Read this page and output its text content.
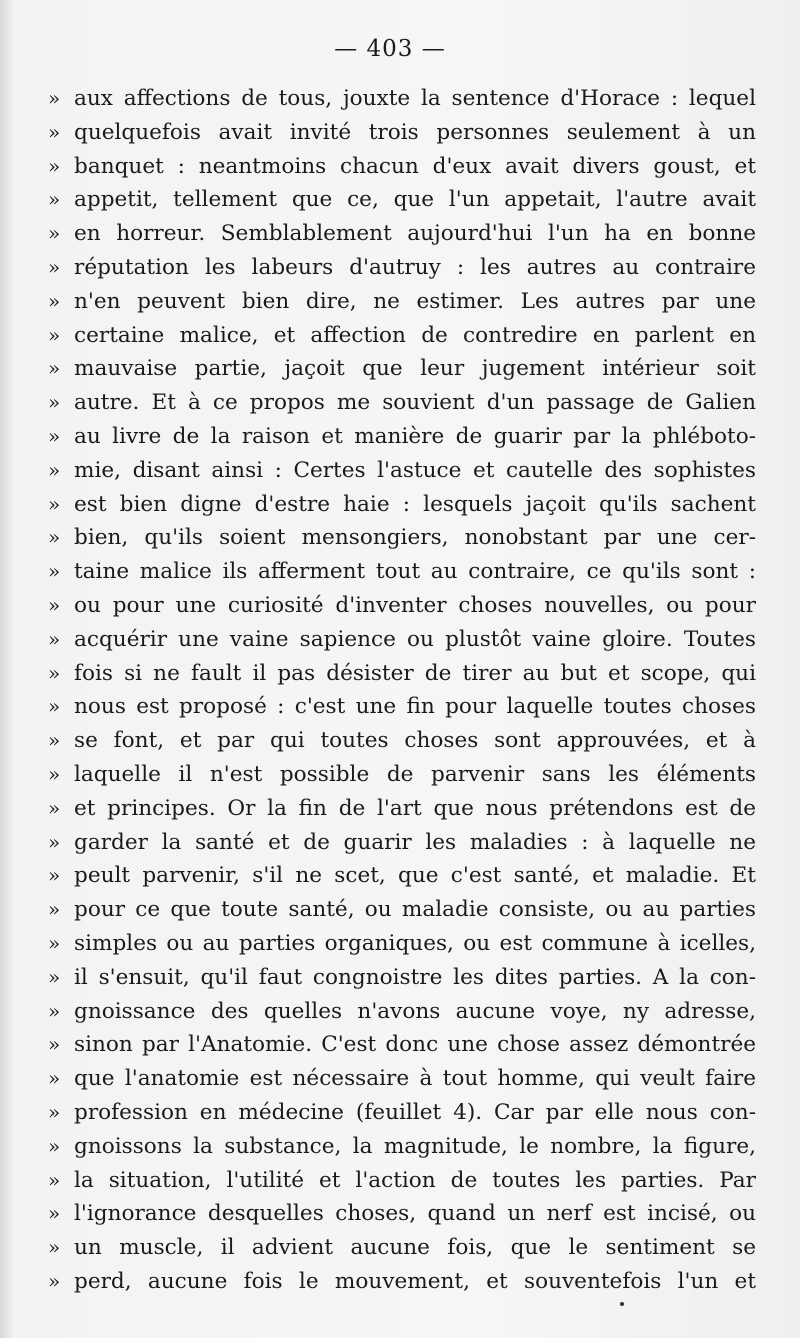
— 403 —
» aux affections de tous, jouxte la sentence d'Horace : lequel
» quelquefois avait invité trois personnes seulement à un
» banquet : neantmoins chacun d'eux avait divers goust, et
» appetit, tellement que ce, que l'un appetait, l'autre avait
» en horreur. Semblablement aujourd'hui l'un ha en bonne
» réputation les labeurs d'autruy : les autres au contraire
» n'en peuvent bien dire, ne estimer. Les autres par une
» certaine malice, et affection de contredire en parlent en
» mauvaise partie, jaçoit que leur jugement intérieur soit
» autre. Et à ce propos me souvient d'un passage de Galien
» au livre de la raison et manière de guarir par la phléboto-
» mie, disant ainsi : Certes l'astuce et cautelle des sophistes
» est bien digne d'estre haie : lesquels jaçoit qu'ils sachent
» bien, qu'ils soient mensongiers, nonobstant par une cer-
» taine malice ils afferment tout au contraire, ce qu'ils sont :
» ou pour une curiosité d'inventer choses nouvelles, ou pour
» acquérir une vaine sapience ou plustôt vaine gloire. Toutes
» fois si ne fault il pas désister de tirer au but et scope, qui
» nous est proposé : c'est une fin pour laquelle toutes choses
» se font, et par qui toutes choses sont approuvées, et à
» laquelle il n'est possible de parvenir sans les éléments
» et principes. Or la fin de l'art que nous prétendons est de
» garder la santé et de guarir les maladies : à laquelle ne
» peult parvenir, s'il ne scet, que c'est santé, et maladie. Et
» pour ce que toute santé, ou maladie consiste, ou au parties
» simples ou au parties organiques, ou est commune à icelles,
» il s'ensuit, qu'il faut congnoistre les dites parties. A la con-
» gnoissance des quelles n'avons aucune voye, ny adresse,
» sinon par l'Anatomie. C'est donc une chose assez démontrée
» que l'anatomie est nécessaire à tout homme, qui veult faire
» profession en médecine (feuillet 4). Car par elle nous con-
» gnoissons la substance, la magnitude, le nombre, la figure,
» la situation, l'utilité et l'action de toutes les parties. Par
» l'ignorance desquelles choses, quand un nerf est incisé, ou
» un muscle, il advient aucune fois, que le sentiment se
» perd, aucune fois le mouvement, et souventefois l'un et
